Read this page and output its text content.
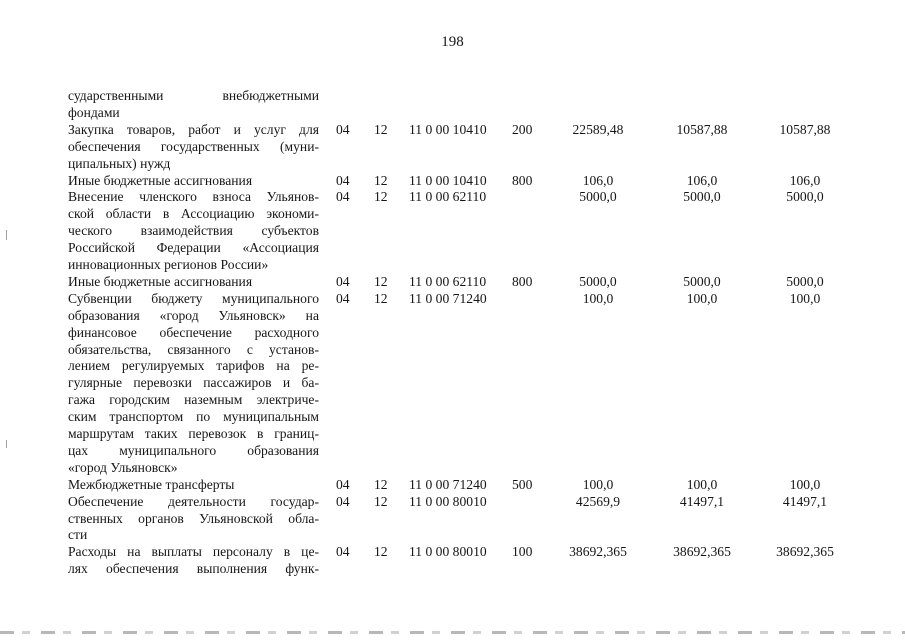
198
сударственными внебюджетными
фондами
Закупка товаров, работ и услуг для
обеспечения государственных (муни-
ципальных) нужд
04 12 11 0 00 10410 200	22589,48	10587,88	10587,88
Иные бюджетные ассигнования	04 12 11 0 00 10410 800	106,0	106,0	106,0
Внесение членского взноса Ульянов-
ской области в Ассоциацию экономи-
ческого взаимодействия субъектов
Российской Федерации «Ассоциация
инновационных регионов России»
04 12 11 0 00 62110	5000,0	5000,0	5000,0
Иные бюджетные ассигнования	04 12 11 0 00 62110 800	5000,0	5000,0	5000,0
Субвенции бюджету муниципального
образования «город Ульяновск» на
финансовое обеспечение расходного
обязательства, связанного с установ-
лением регулируемых тарифов на ре-
гулярные перевозки пассажиров и ба-
гажа городским наземным электриче-
ским транспортом по муниципальным
маршрутам таких перевозок в границ-
цах муниципального образования
«город Ульяновск»
04 12 11 0 00 71240	100,0	100,0	100,0
Межбюджетные трансферты	04 12 11 0 00 71240 500	100,0	100,0	100,0
Обеспечение деятельности государ-
ственных органов Ульяновской обла-
сти
04 12 11 0 00 80010	42569,9	41497,1	41497,1
Расходы на выплаты персоналу в це-
лях обеспечения выполнения функ-
04 12 11 0 00 80010 100	38692,365	38692,365	38692,365
